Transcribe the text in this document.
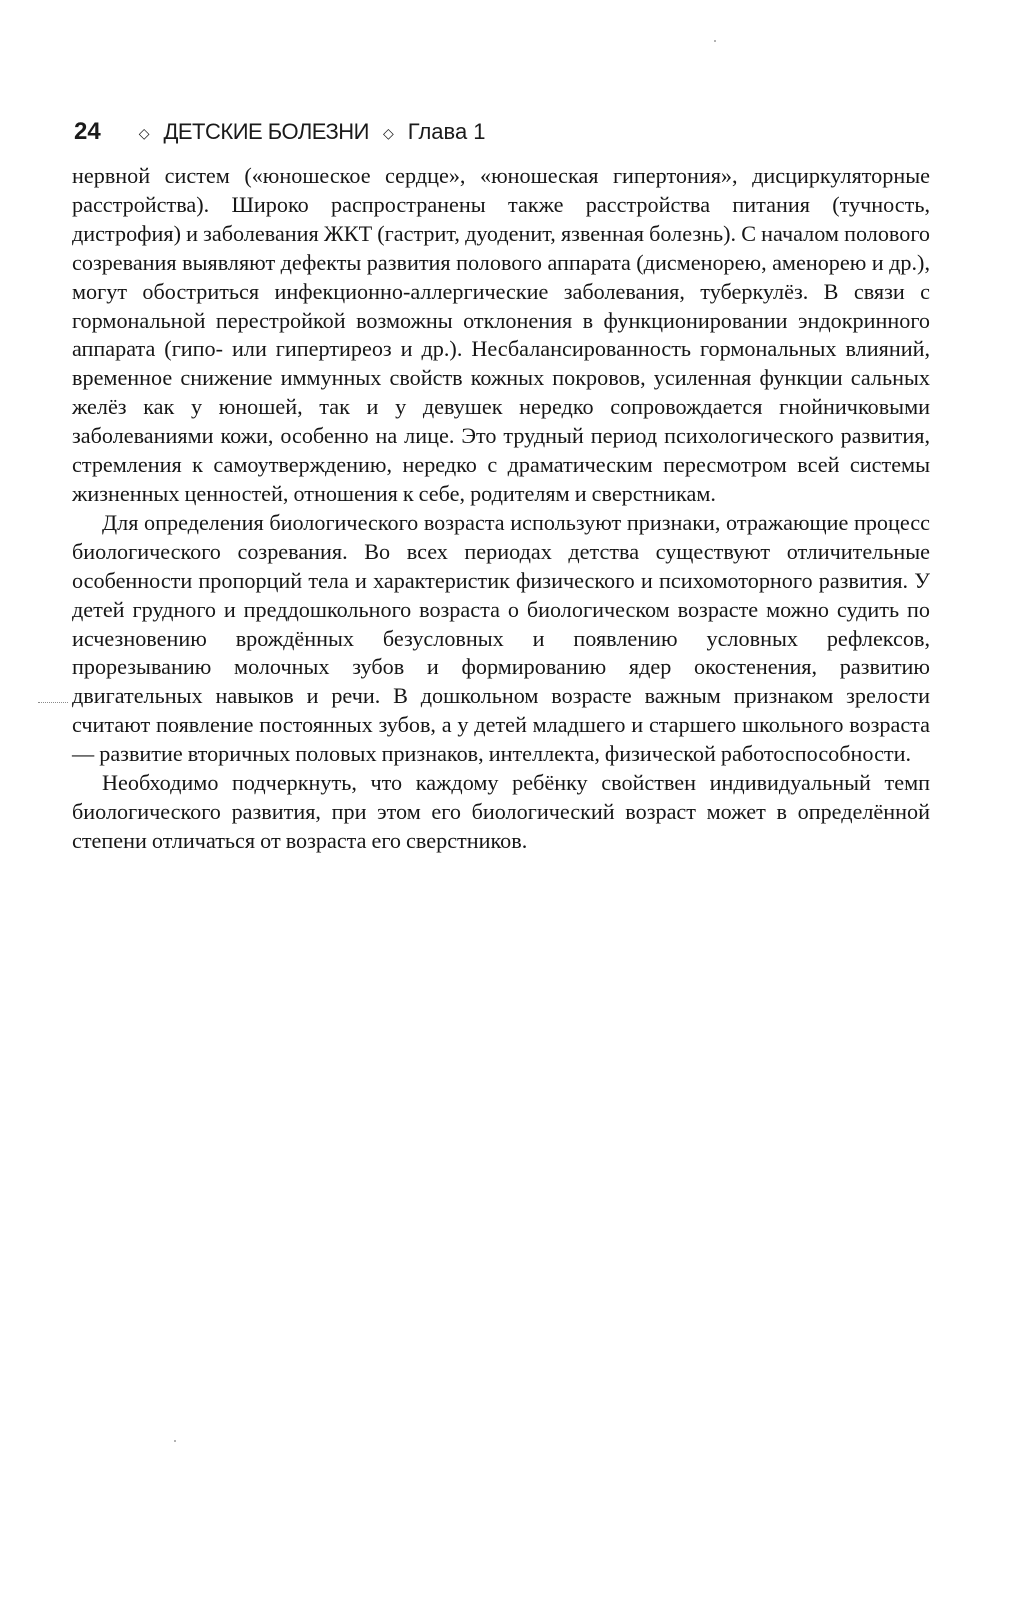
24	◇ ДЕТСКИЕ БОЛЕЗНИ ◇ Глава 1

нервной систем («юношеское сердце», «юношеская гипертония», дисциркуляторные расстройства). Широко распространены также расстройства питания (тучность, дистрофия) и заболевания ЖКТ (гастрит, дуоденит, язвенная болезнь). С началом полового созревания выявляют дефекты развития полового аппарата (дисменорею, аменорею и др.), могут обостриться инфекционно-аллергические заболевания, туберкулёз. В связи с гормональной перестройкой возможны отклонения в функционировании эндокринного аппарата (гипо- или гипертиреоз и др.). Несбалансированность гормональных влияний, временное снижение иммунных свойств кожных покровов, усиленная функции сальных желёз как у юношей, так и у девушек нередко сопровождается гнойничковыми заболеваниями кожи, особенно на лице. Это трудный период психологического развития, стремления к самоутверждению, нередко с драматическим пересмотром всей системы жизненных ценностей, отношения к себе, родителям и сверстникам.

Для определения биологического возраста используют признаки, отражающие процесс биологического созревания. Во всех периодах детства существуют отличительные особенности пропорций тела и характеристик физического и психомоторного развития. У детей грудного и преддошкольного возраста о биологическом возрасте можно судить по исчезновению врождённых безусловных и появлению условных рефлексов, прорезыванию молочных зубов и формированию ядер окостенения, развитию двигательных навыков и речи. В дошкольном возрасте важным признаком зрелости считают появление постоянных зубов, а у детей младшего и старшего школьного возраста — развитие вторичных половых признаков, интеллекта, физической работоспособности.

Необходимо подчеркнуть, что каждому ребёнку свойствен индивидуальный темп биологического развития, при этом его биологический возраст может в определённой степени отличаться от возраста его сверстников.
